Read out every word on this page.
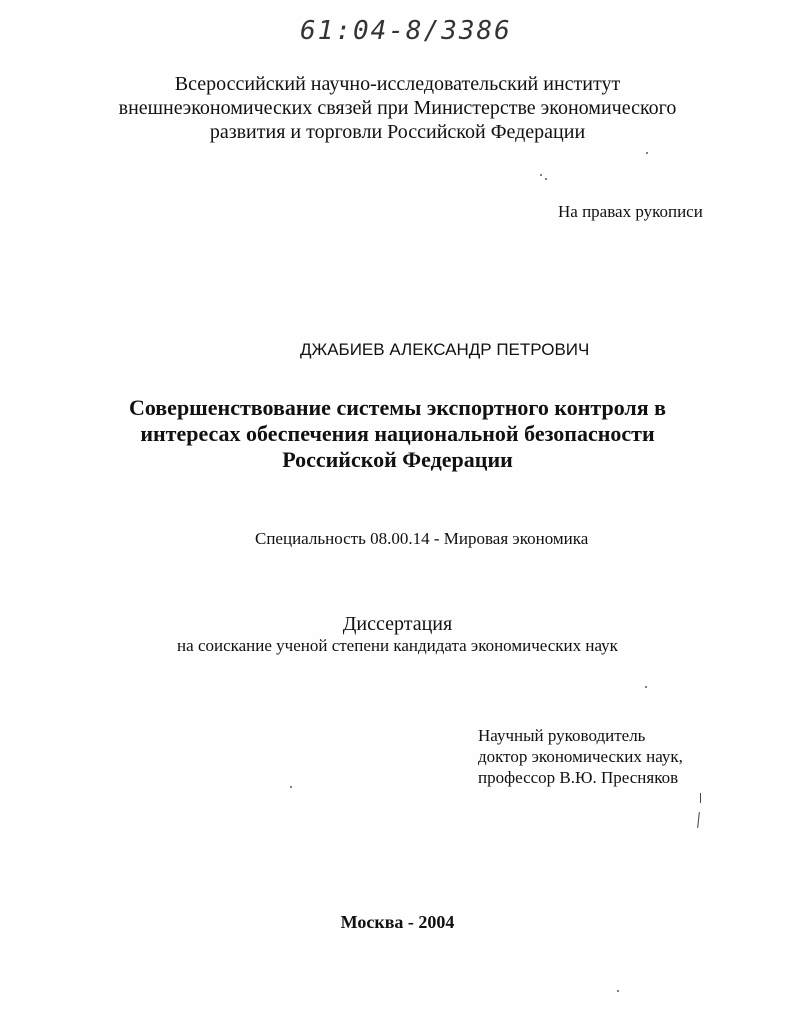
61:04-8/3386
Всероссийский научно-исследовательский институт
внешнеэкономических связей при Министерстве экономического
развития и торговли Российской Федерации
На правах рукописи
ДЖАБИЕВ АЛЕКСАНДР ПЕТРОВИЧ
Совершенствование системы экспортного контроля в
интересах обеспечения национальной безопасности
Российской Федерации
Специальность 08.00.14 - Мировая экономика
Диссертация
на соискание ученой степени кандидата экономических наук
Научный руководитель
доктор экономических наук,
профессор В.Ю. Пресняков
Москва - 2004
